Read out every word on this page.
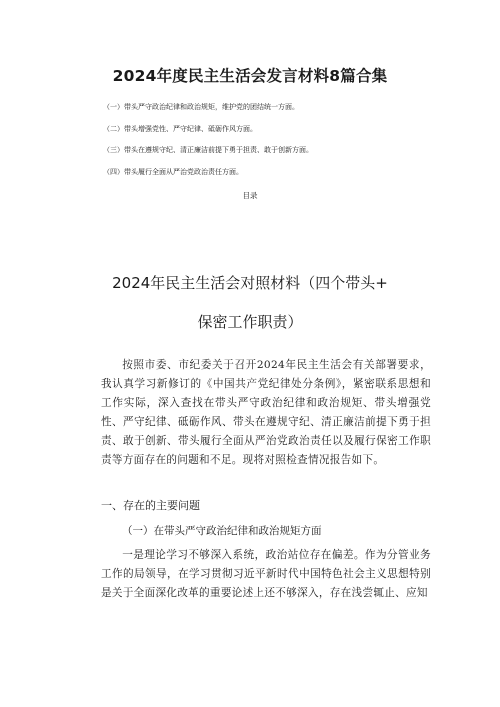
2024年度民主生活会发言材料8篇合集
（一）带头严守政治纪律和政治规矩，维护党的团结统一方面。
（二）带头增强党性、严守纪律、砥砺作风方面。
（三）带头在遵规守纪、清正廉洁前提下勇于担责、敢于创新方面。
（四）带头履行全面从严治党政治责任方面。
目录
2024年民主生活会对照材料（四个带头+
保密工作职责）
按照市委、市纪委关于召开2024年民主生活会有关部署要求，我认真学习新修订的《中国共产党纪律处分条例》，紧密联系思想和工作实际，深入查找在带头严守政治纪律和政治规矩、带头增强党性、严守纪律、砥砺作风、带头在遵规守纪、清正廉洁前提下勇于担责、敢于创新、带头履行全面从严治党政治责任以及履行保密工作职责等方面存在的问题和不足。现将对照检查情况报告如下。
一、存在的主要问题
（一）在带头严守政治纪律和政治规矩方面
一是理论学习不够深入系统，政治站位存在偏差。作为分管业务工作的局领导，在学习贯彻习近平新时代中国特色社会主义思想特别是关于全面深化改革的重要论述上还不够深入，存在浅尝辄止、应知
